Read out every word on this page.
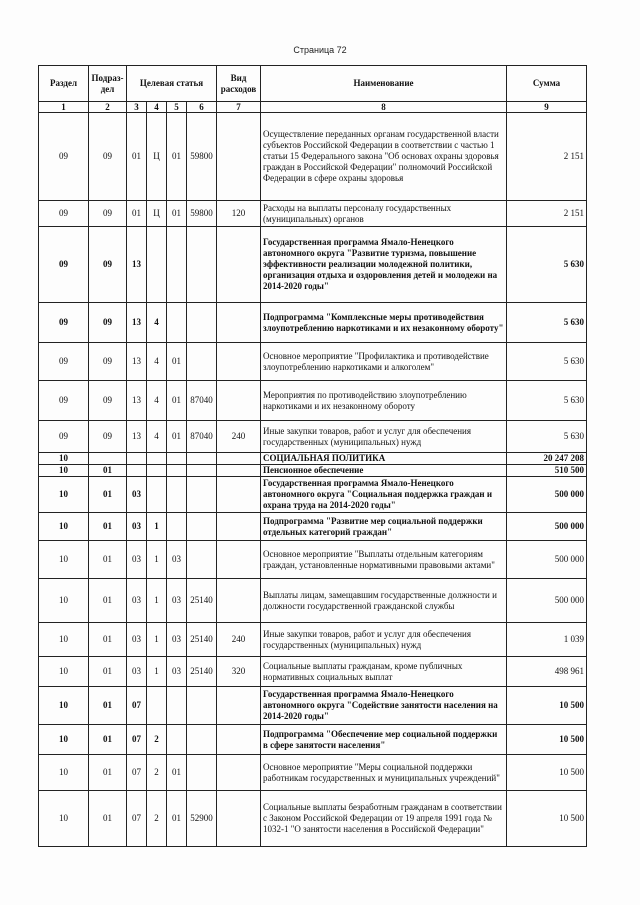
Страница 72
Раздел	Подраз-дел	Целевая статья				Вид расходов	Наименование	Сумма
1	2	3	4	5	6	7	8	9
09	09	01	Ц	01	59800		Осуществление переданных органам государственной власти субъектов Российской Федерации в соответствии с частью 1 статьи 15 Федерального закона "Об основах охраны здоровья граждан в Российской Федерации" полномочий Российской Федерации в сфере охраны здоровья	2 151
09	09	01	Ц	01	59800	120	Расходы на выплаты персоналу государственных (муниципальных) органов	2 151
09	09	13					Государственная программа Ямало-Ненецкого автономного округа "Развитие туризма, повышение эффективности реализации молодежной политики, организация отдыха и оздоровления детей и молодежи на 2014-2020 годы"	5 630
09	09	13	4				Подпрограмма "Комплексные меры противодействия злоупотреблению наркотиками и их незаконному обороту"	5 630
09	09	13	4	01			Основное мероприятие "Профилактика и противодействие злоупотреблению наркотиками и алкоголем"	5 630
09	09	13	4	01	87040		Мероприятия по противодействию злоупотреблению наркотиками и их незаконному обороту	5 630
09	09	13	4	01	87040	240	Иные закупки товаров, работ и услуг для обеспечения государственных (муниципальных) нужд	5 630
10							СОЦИАЛЬНАЯ ПОЛИТИКА	20 247 208
10	01						Пенсионное обеспечение	510 500
10	01	03					Государственная программа Ямало-Ненецкого автономного округа "Социальная поддержка граждан и охрана труда на 2014-2020 годы"	500 000
10	01	03	1				Подпрограмма "Развитие мер социальной поддержки отдельных категорий граждан"	500 000
10	01	03	1	03			Основное мероприятие "Выплаты отдельным категориям граждан, установленные нормативными правовыми актами"	500 000
10	01	03	1	03	25140		Выплаты лицам, замещавшим государственные должности и должности государственной гражданской службы	500 000
10	01	03	1	03	25140	240	Иные закупки товаров, работ и услуг для обеспечения государственных (муниципальных) нужд	1 039
10	01	03	1	03	25140	320	Социальные выплаты гражданам, кроме публичных нормативных социальных выплат	498 961
10	01	07					Государственная программа Ямало-Ненецкого автономного округа "Содействие занятости населения на 2014-2020 годы"	10 500
10	01	07	2				Подпрограмма "Обеспечение мер социальной поддержки в сфере занятости населения"	10 500
10	01	07	2	01			Основное мероприятие "Меры социальной поддержки работникам государственных и муниципальных учреждений"	10 500
10	01	07	2	01	52900		Социальные выплаты безработным гражданам в соответствии с Законом Российской Федерации от 19 апреля 1991 года № 1032-1 "О занятости населения в Российской Федерации"	10 500
